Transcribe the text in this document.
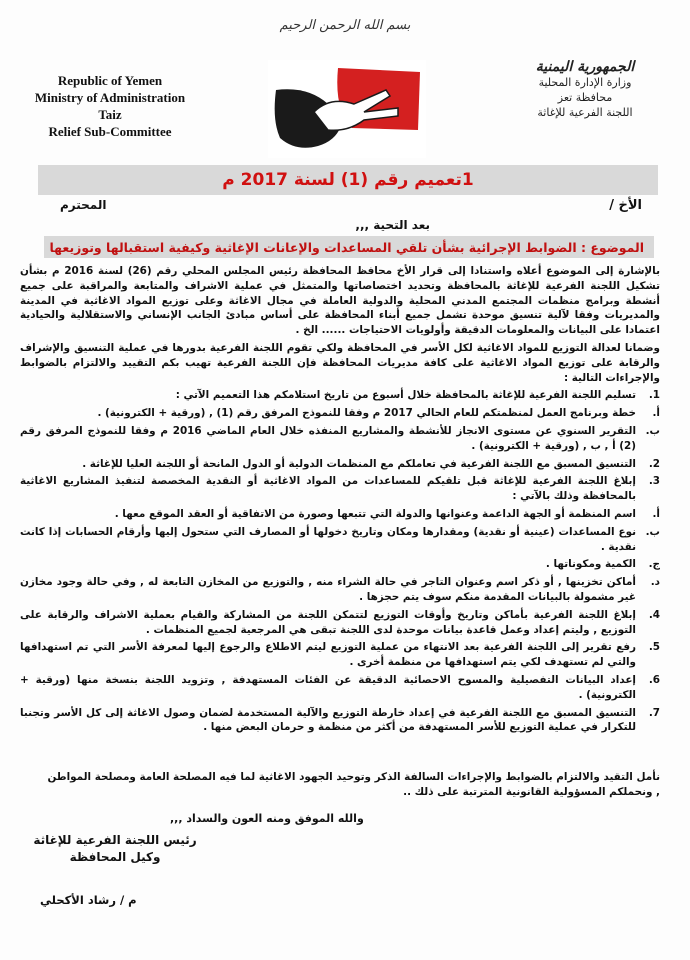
بسم الله الرحمن الرحيم
Republic of Yemen
Ministry of Administration
Taiz
Relief Sub-Committee
الجمهورية اليمنية
وزارة الإدارة المحلية
محافظة تعز
اللجنة الفرعية للإغاثة
1تعميم رقم (1) لسنة 2017 م
الأخ /
المحترم
بعد التحية ,,,
الموضوع : الضوابط الإجرائية بشأن تلقي المساعدات والإعانات الإغاثية وكيفية استقبالها وتوزيعها

بالإشارة إلى الموضوع أعلاه واستنادا إلى قرار الأخ محافظ المحافظة رئيس المجلس المحلي رقم (26) لسنة 2016 م بشأن تشكيل اللجنة الفرعية للإغاثة بالمحافظة وتحديد اختصاصاتها والمتمثل في عملية الاشراف والمتابعة والمراقبة على جميع أنشطة وبرامج منظمات المجتمع المدني المحلية والدولية العاملة في مجال الاغاثة وعلى توزيع المواد الاغاثية في المدينة والمديريات وفقا لآلية تنسيق موحدة تشمل جميع أبناء المحافظة على أساس مبادئ الجانب الإنساني والاستقلالية والحيادية اعتمادا على البيانات والمعلومات الدقيقة وأولويات الاحتياجات ...... الخ .

وضمانا لعدالة التوزيع للمواد الاغاثية لكل الأسر في المحافظة ولكي تقوم اللجنة الفرعية بدورها في عملية التنسيق والإشراف والرقابة على توزيع المواد الاغاثية على كافة مديريات المحافظة فإن اللجنة الفرعية تهيب بكم التقييد والالتزام بالضوابط والإجراءات التالية :

1.
تسليم اللجنة الفرعية للإغاثة بالمحافظة خلال أسبوع من تاريخ استلامكم هذا التعميم الآتي :
أ.
خطة وبرنامج العمل لمنظمتكم للعام الحالي 2017 م وفقا للنموذج المرفق رقم (1) , (ورقية + الكترونية) .
ب.
التقرير السنوي عن مستوى الانجاز للأنشطة والمشاريع المنفذه خلال العام الماضي 2016 م وفقا للنموذج المرفق رقم (2) أ , ب , (ورقية + الكترونية) .
2.
التنسيق المسبق مع اللجنة الفرعية في تعاملكم مع المنظمات الدولية أو الدول المانحة أو اللجنة العليا للإغاثة .
3.
إبلاغ اللجنة الفرعية للإغاثة قبل تلقيكم للمساعدات من المواد الاغاثية أو النقدية المخصصة لتنفيذ المشاريع الاغاثية بالمحافظة وذلك بالآتي :
أ.
اسم المنظمة أو الجهة الداعمة وعنوانها والدولة التي تتبعها وصورة من الاتفاقية أو العقد الموقع معها .
ب.
نوع المساعدات (عينية أو نقدية) ومقدارها ومكان وتاريخ دخولها أو المصارف التي ستحول إليها وأرقام الحسابات إذا كانت نقدية .
ج.
الكمية ومكوناتها .
د.
أماكن تخزينها , أو ذكر اسم وعنوان التاجر في حالة الشراء منه , والتوزيع من المخازن التابعة له , وفي حالة وجود مخازن غير مشمولة بالبيانات المقدمة منكم سوف يتم حجزها .
4.
إبلاغ اللجنة الفرعية بأماكن وتاريخ وأوقات التوزيع لتتمكن اللجنة من المشاركة والقيام بعملية الاشراف والرقابة على التوزيع , وليتم إعداد وعمل قاعدة بيانات موحدة لدى اللجنة تبقى هي المرجعية لجميع المنظمات .
5.
رفع تقرير إلى اللجنة الفرعية بعد الانتهاء من عملية التوزيع ليتم الاطلاع والرجوع إليها لمعرفة الأسر التي تم استهدافها والتي لم تستهدف لكي يتم استهدافها من منظمة أخرى .
6.
إعداد البيانات التفصيلية والمسوح الاحصائية الدقيقة عن الفئات المستهدفة , وتزويد اللجنة بنسخة منها (ورقية + الكترونية) .
7.
التنسيق المسبق مع اللجنة الفرعية في إعداد خارطة التوزيع والآلية المستخدمة لضمان وصول الاغاثة إلى كل الأسر وتجنبا للتكرار في عملية التوزيع للأسر المستهدفة من أكثر من منظمة و حرمان البعض منها .
نأمل التقيد والالتزام بالضوابط والإجراءات السالفة الذكر وتوحيد الجهود الاغاثية لما فيه المصلحة العامة ومصلحة المواطن , ونحملكم المسؤولية القانونية المترتبة على ذلك ..
والله الموفق ومنه العون والسداد ,,,
رئيس اللجنة الفرعية للإغاثة
وكيل المحافظة
م / رشاد الأكحلي
